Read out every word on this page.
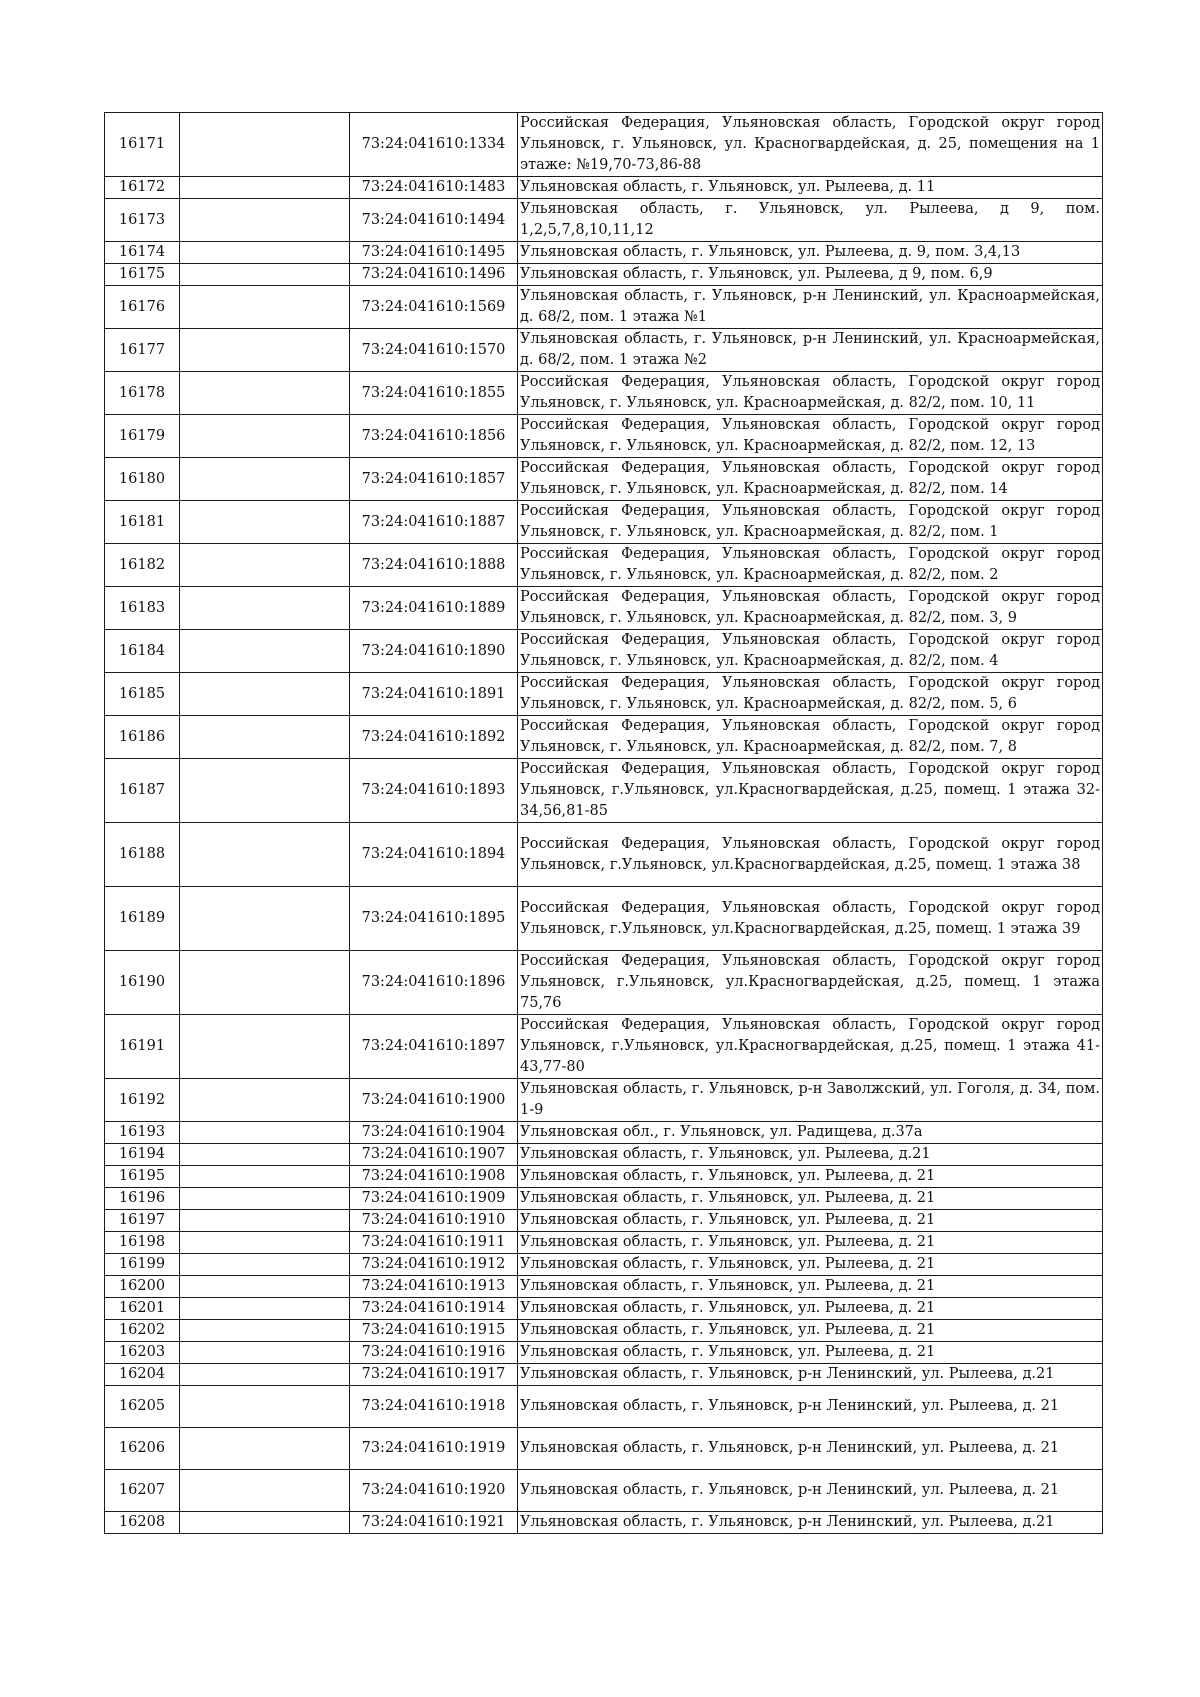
16171		73:24:041610:1334	Российская Федерация, Ульяновская область, Городской округ город Ульяновск, г. Ульяновск, ул. Красногвардейская, д. 25, помещения на 1 этаже: №19,70-73,86-88
16172		73:24:041610:1483	Ульяновская область, г. Ульяновск, ул. Рылеева, д. 11
16173		73:24:041610:1494	Ульяновская область, г. Ульяновск, ул. Рылеева, д 9, пом. 1,2,5,7,8,10,11,12
16174		73:24:041610:1495	Ульяновская область, г. Ульяновск, ул. Рылеева, д. 9, пом. 3,4,13
16175		73:24:041610:1496	Ульяновская область, г. Ульяновск, ул. Рылеева, д 9, пом. 6,9
16176		73:24:041610:1569	Ульяновская область, г. Ульяновск, р-н Ленинский, ул. Красноармейская, д. 68/2, пом. 1 этажа №1
16177		73:24:041610:1570	Ульяновская область, г. Ульяновск, р-н Ленинский, ул. Красноармейская, д. 68/2, пом. 1 этажа №2
16178		73:24:041610:1855	Российская Федерация, Ульяновская область, Городской округ город Ульяновск, г. Ульяновск, ул. Красноармейская, д. 82/2, пом. 10, 11
16179		73:24:041610:1856	Российская Федерация, Ульяновская область, Городской округ город Ульяновск, г. Ульяновск, ул. Красноармейская, д. 82/2, пом. 12, 13
16180		73:24:041610:1857	Российская Федерация, Ульяновская область, Городской округ город Ульяновск, г. Ульяновск, ул. Красноармейская, д. 82/2, пом. 14
16181		73:24:041610:1887	Российская Федерация, Ульяновская область, Городской округ город Ульяновск, г. Ульяновск, ул. Красноармейская, д. 82/2, пом. 1
16182		73:24:041610:1888	Российская Федерация, Ульяновская область, Городской округ город Ульяновск, г. Ульяновск, ул. Красноармейская, д. 82/2, пом. 2
16183		73:24:041610:1889	Российская Федерация, Ульяновская область, Городской округ город Ульяновск, г. Ульяновск, ул. Красноармейская, д. 82/2, пом. 3, 9
16184		73:24:041610:1890	Российская Федерация, Ульяновская область, Городской округ город Ульяновск, г. Ульяновск, ул. Красноармейская, д. 82/2, пом. 4
16185		73:24:041610:1891	Российская Федерация, Ульяновская область, Городской округ город Ульяновск, г. Ульяновск, ул. Красноармейская, д. 82/2, пом. 5, 6
16186		73:24:041610:1892	Российская Федерация, Ульяновская область, Городской округ город Ульяновск, г. Ульяновск, ул. Красноармейская, д. 82/2, пом. 7, 8
16187		73:24:041610:1893	Российская Федерация, Ульяновская область, Городской округ город Ульяновск, г.Ульяновск, ул.Красногвардейская, д.25, помещ. 1 этажа 32-34,56,81-85
16188		73:24:041610:1894	Российская Федерация, Ульяновская область, Городской округ город Ульяновск, г.Ульяновск, ул.Красногвардейская, д.25, помещ. 1 этажа 38
16189		73:24:041610:1895	Российская Федерация, Ульяновская область, Городской округ город Ульяновск, г.Ульяновск, ул.Красногвардейская, д.25, помещ. 1 этажа 39
16190		73:24:041610:1896	Российская Федерация, Ульяновская область, Городской округ город Ульяновск, г.Ульяновск, ул.Красногвардейская, д.25, помещ. 1 этажа 75,76
16191		73:24:041610:1897	Российская Федерация, Ульяновская область, Городской округ город Ульяновск, г.Ульяновск, ул.Красногвардейская, д.25, помещ. 1 этажа 41-43,77-80
16192		73:24:041610:1900	Ульяновская область, г. Ульяновск, р-н Заволжский, ул. Гоголя, д. 34, пом. 1-9
16193		73:24:041610:1904	Ульяновская обл., г. Ульяновск, ул. Радищева, д.37а
16194		73:24:041610:1907	Ульяновская область, г. Ульяновск, ул. Рылеева, д.21
16195		73:24:041610:1908	Ульяновская область, г. Ульяновск, ул. Рылеева, д. 21
16196		73:24:041610:1909	Ульяновская область, г. Ульяновск, ул. Рылеева, д. 21
16197		73:24:041610:1910	Ульяновская область, г. Ульяновск, ул. Рылеева, д. 21
16198		73:24:041610:1911	Ульяновская область, г. Ульяновск, ул. Рылеева, д. 21
16199		73:24:041610:1912	Ульяновская область, г. Ульяновск, ул. Рылеева, д. 21
16200		73:24:041610:1913	Ульяновская область, г. Ульяновск, ул. Рылеева, д. 21
16201		73:24:041610:1914	Ульяновская область, г. Ульяновск, ул. Рылеева, д. 21
16202		73:24:041610:1915	Ульяновская область, г. Ульяновск, ул. Рылеева, д. 21
16203		73:24:041610:1916	Ульяновская область, г. Ульяновск, ул. Рылеева, д. 21
16204		73:24:041610:1917	Ульяновская область, г. Ульяновск, р-н Ленинский, ул. Рылеева, д.21
16205		73:24:041610:1918	Ульяновская область, г. Ульяновск, р-н Ленинский, ул. Рылеева, д. 21
16206		73:24:041610:1919	Ульяновская область, г. Ульяновск, р-н Ленинский, ул. Рылеева, д. 21
16207		73:24:041610:1920	Ульяновская область, г. Ульяновск, р-н Ленинский, ул. Рылеева, д. 21
16208		73:24:041610:1921	Ульяновская область, г. Ульяновск, р-н Ленинский, ул. Рылеева, д.21
